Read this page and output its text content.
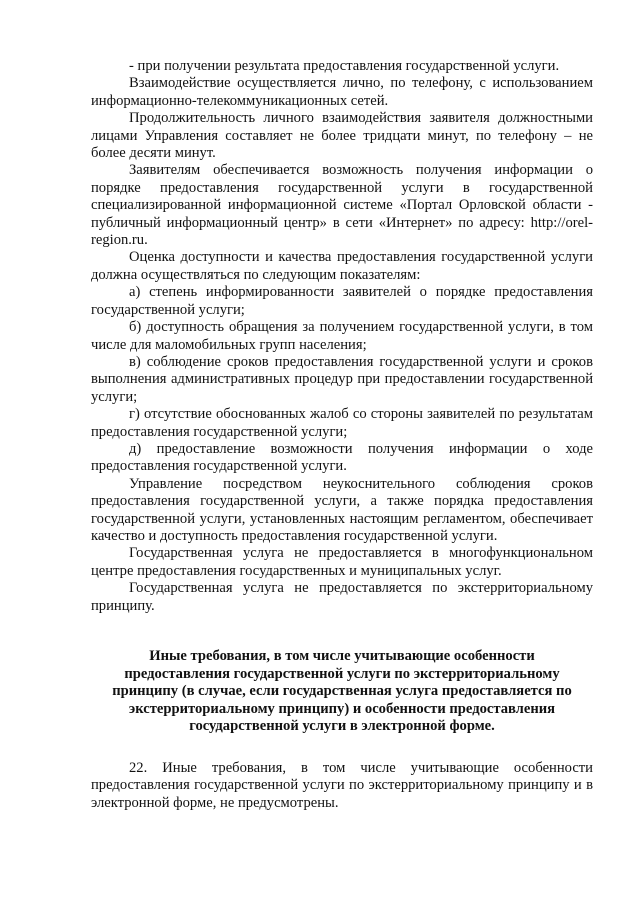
- при получении результата предоставления государственной услуги.

Взаимодействие осуществляется лично, по телефону, с использованием информационно-телекоммуникационных сетей.

Продолжительность личного взаимодействия заявителя должностными лицами Управления составляет не более тридцати минут, по телефону – не более десяти минут.

Заявителям обеспечивается возможность получения информации о порядке предоставления государственной услуги в государственной специализированной информационной системе «Портал Орловской области - публичный информационный центр» в сети «Интернет» по адресу: http://orel-region.ru.

Оценка доступности и качества предоставления государственной услуги должна осуществляться по следующим показателям:

а) степень информированности заявителей о порядке предоставления государственной услуги;

б) доступность обращения за получением государственной услуги, в том числе для маломобильных групп населения;

в) соблюдение сроков предоставления государственной услуги и сроков выполнения административных процедур при предоставлении государственной услуги;

г) отсутствие обоснованных жалоб со стороны заявителей по результатам предоставления государственной услуги;

д) предоставление возможности получения информации о ходе предоставления государственной услуги.

Управление посредством неукоснительного соблюдения сроков предоставления государственной услуги, а также порядка предоставления государственной услуги, установленных настоящим регламентом, обеспечивает качество и доступность предоставления государственной услуги.

Государственная услуга не предоставляется в многофункциональном центре предоставления государственных и муниципальных услуг.

Государственная услуга не предоставляется по экстерриториальному принципу.

Иные требования, в том числе учитывающие особенности предоставления государственной услуги по экстерриториальному принципу (в случае, если государственная услуга предоставляется по экстерриториальному принципу) и особенности предоставления государственной услуги в электронной форме.

22. Иные требования, в том числе учитывающие особенности предоставления государственной услуги по экстерриториальному принципу и в электронной форме, не предусмотрены.
